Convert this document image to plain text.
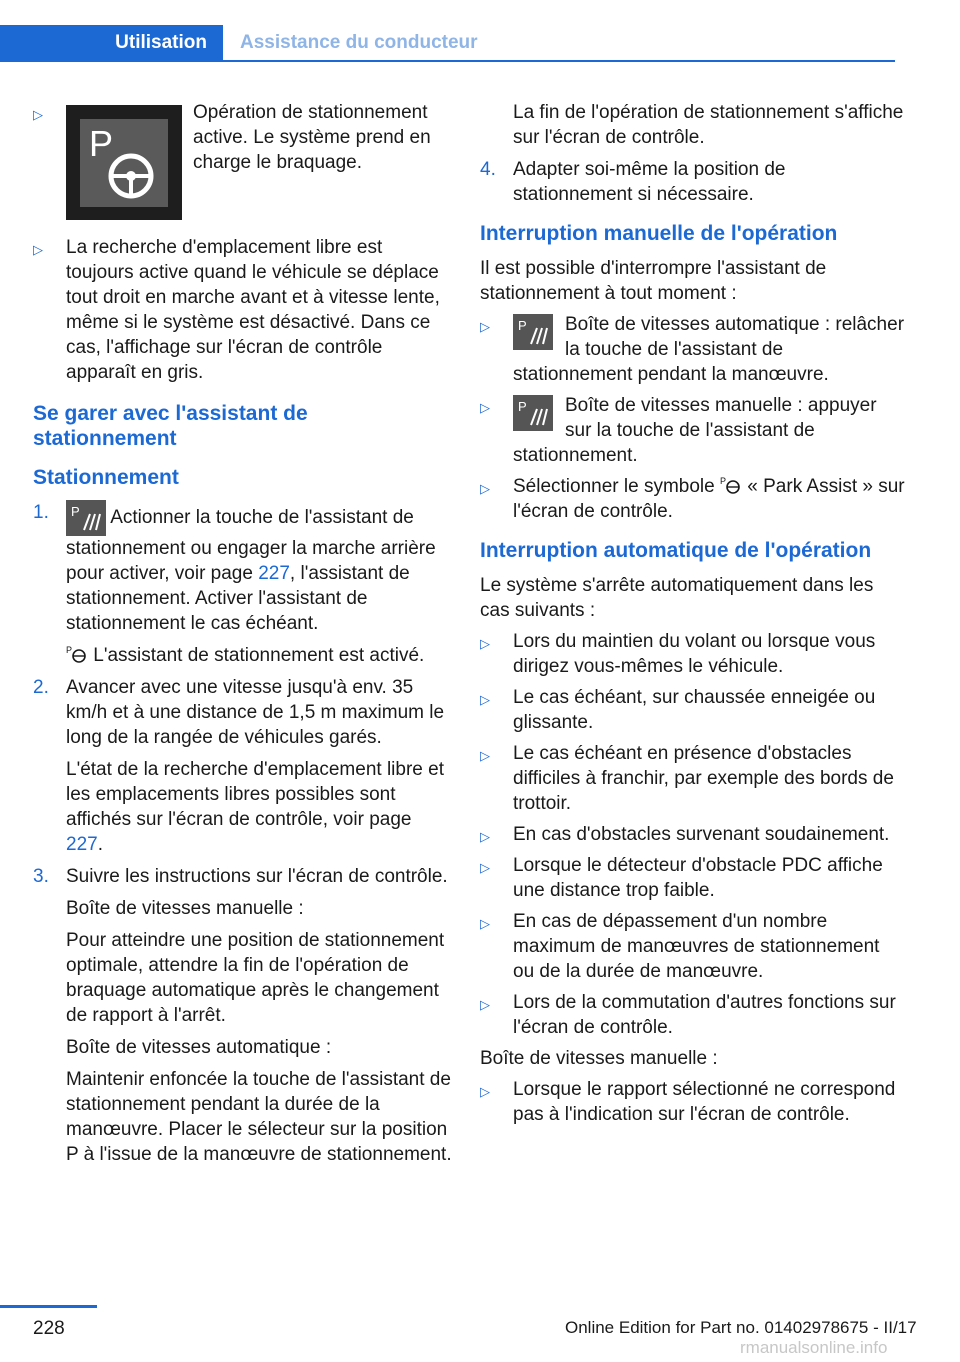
Utilisation	Assistance du conducteur
▷
P
Opération de stationnement active. Le système prend en charge le braquage.
▷ La recherche d'emplacement libre est toujours active quand le véhicule se déplace tout droit en marche avant et à vitesse lente, même si le système est désactivé. Dans ce cas, l'affichage sur l'écran de contrôle apparaît en gris.
Se garer avec l'assistant de stationnement
Stationnement
1. P Actionner la touche de l'assistant de stationnement ou engager la marche arrière pour activer, voir page 227, l'assistant de stationnement. Activer l'assistant de stationnement le cas échéant.
P L'assistant de stationnement est activé.
2. Avancer avec une vitesse jusqu'à env. 35 km/h et à une distance de 1,5 m maximum le long de la rangée de véhicules garés.
L'état de la recherche d'emplacement libre et les emplacements libres possibles sont affichés sur l'écran de contrôle, voir page 227.
3. Suivre les instructions sur l'écran de contrôle.
Boîte de vitesses manuelle :
Pour atteindre une position de stationnement optimale, attendre la fin de l'opération de braquage automatique après le changement de rapport à l'arrêt.
Boîte de vitesses automatique :
Maintenir enfoncée la touche de l'assistant de stationnement pendant la durée de la manœuvre. Placer le sélecteur sur la position P à l'issue de la manœuvre de stationnement.
La fin de l'opération de stationnement s'affiche sur l'écran de contrôle.
4. Adapter soi-même la position de stationnement si nécessaire.
Interruption manuelle de l'opération

Il est possible d'interrompre l'assistant de stationnement à tout moment :

▷ P Boîte de vitesses automatique : relâcher la touche de l'assistant de stationnement pendant la manœuvre.
▷ P Boîte de vitesses manuelle : appuyer sur la touche de l'assistant de stationnement.
▷ Sélectionner le symbole P « Park Assist » sur l'écran de contrôle.
Interruption automatique de l'opération

Le système s'arrête automatiquement dans les cas suivants :

▷ Lors du maintien du volant ou lorsque vous dirigez vous-mêmes le véhicule.
▷ Le cas échéant, sur chaussée enneigée ou glissante.
▷ Le cas échéant en présence d'obstacles difficiles à franchir, par exemple des bords de trottoir.
▷ En cas d'obstacles survenant soudainement.
▷ Lorsque le détecteur d'obstacle PDC affiche une distance trop faible.
▷ En cas de dépassement d'un nombre maximum de manœuvres de stationnement ou de la durée de manœuvre.
▷ Lors de la commutation d'autres fonctions sur l'écran de contrôle.

Boîte de vitesses manuelle :

▷ Lorsque le rapport sélectionné ne correspond pas à l'indication sur l'écran de contrôle.
228	Online Edition for Part no. 01402978675 - II/17
rmanualsonline.info
